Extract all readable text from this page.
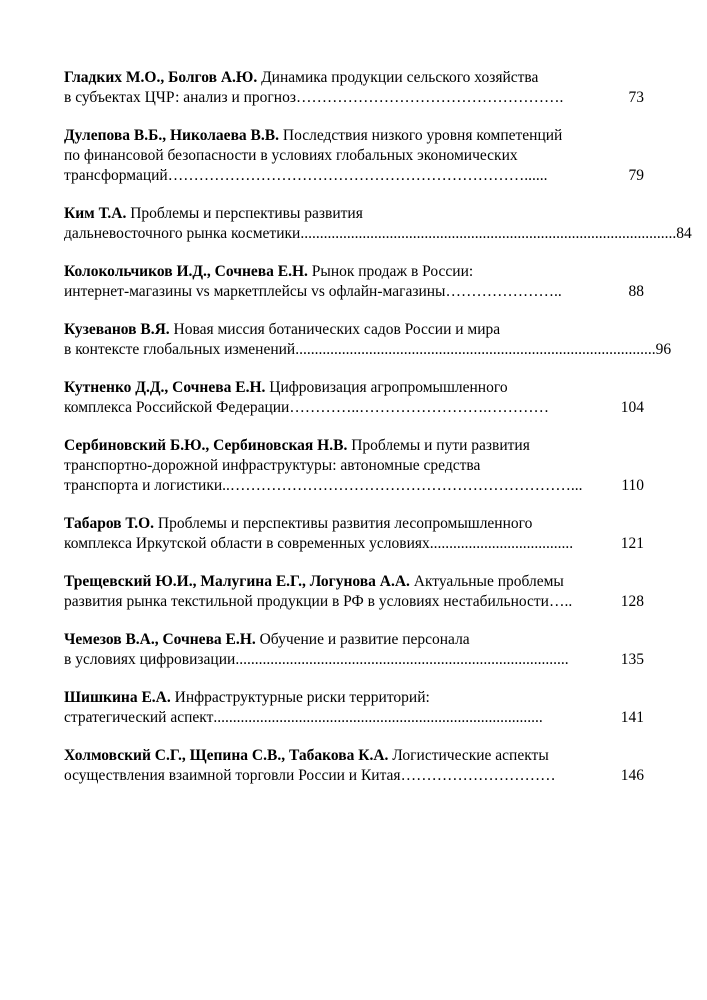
Гладких М.О., Болгов А.Ю. Динамика продукции сельского хозяйства
в субъектах ЦЧР: анализ и прогноз …………………………………………….	73
Дулепова В.Б., Николаева В.В. Последствия низкого уровня компетенций
по финансовой безопасности в условиях глобальных экономических
трансформаций ……………………………………………………………......	79
Ким Т.А. Проблемы и перспективы развития
дальневосточного рынка косметики ................................................................................................. 84
Колокольчиков И.Д., Сочнева Е.Н. Рынок продаж в России:
интернет-магазины vs маркетплейсы vs офлайн-магазины …………………..	88
Кузеванов В.Я. Новая миссия ботанических садов России и мира
в контексте глобальных изменений ............................................................................................. 96
Кутненко Д.Д., Сочнева Е.Н. Цифровизация агропромышленного
комплекса Российской Федерации …………..…………………….…………	104
Сербиновский Б.Ю., Сербиновская Н.В. Проблемы и пути развития
транспортно-дорожной инфраструктуры: автономные средства
транспорта и логистики ..…………………………………………………………...	110
Табаров Т.О. Проблемы и перспективы развития лесопромышленного
комплекса Иркутской области в современных условиях .....................................	121
Трещевский Ю.И., Малугина Е.Г., Логунова А.А. Актуальные проблемы
развития рынка текстильной продукции в РФ в условиях нестабильности …..	128
Чемезов В.А., Сочнева Е.Н. Обучение и развитие персонала
в условиях цифровизации ......................................................................................	135
Шишкина Е.А. Инфраструктурные риски территорий:
стратегический аспект .....................................................................................	141
Холмовский С.Г., Щепина С.В., Табакова К.А. Логистические аспекты
осуществления взаимной торговли России и Китая …………………………	146
